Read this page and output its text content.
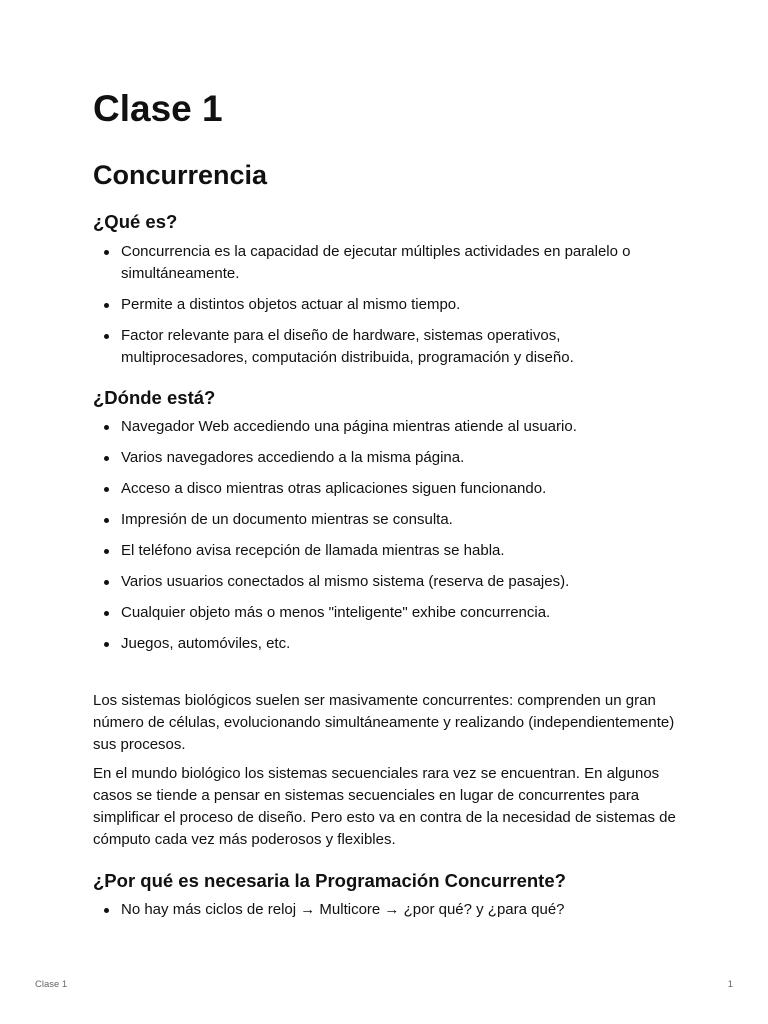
Clase 1
Concurrencia
¿Qué es?
Concurrencia es la capacidad de ejecutar múltiples actividades en paralelo o simultáneamente.
Permite a distintos objetos actuar al mismo tiempo.
Factor relevante para el diseño de hardware, sistemas operativos, multiprocesadores, computación distribuida, programación y diseño.
¿Dónde está?
Navegador Web accediendo una página mientras atiende al usuario.
Varios navegadores accediendo a la misma página.
Acceso a disco mientras otras aplicaciones siguen funcionando.
Impresión de un documento mientras se consulta.
El teléfono avisa recepción de llamada mientras se habla.
Varios usuarios conectados al mismo sistema (reserva de pasajes).
Cualquier objeto más o menos "inteligente" exhibe concurrencia.
Juegos, automóviles, etc.

Los sistemas biológicos suelen ser masivamente concurrentes: comprenden un gran número de células, evolucionando simultáneamente y realizando (independientemente) sus procesos.

En el mundo biológico los sistemas secuenciales rara vez se encuentran. En algunos casos se tiende a pensar en sistemas secuenciales en lugar de concurrentes para simplificar el proceso de diseño. Pero esto va en contra de la necesidad de sistemas de cómputo cada vez más poderosos y flexibles.

¿Por qué es necesaria la Programación Concurrente?
No hay más ciclos de reloj → Multicore → ¿por qué? y ¿para qué?
Clase 1	1
